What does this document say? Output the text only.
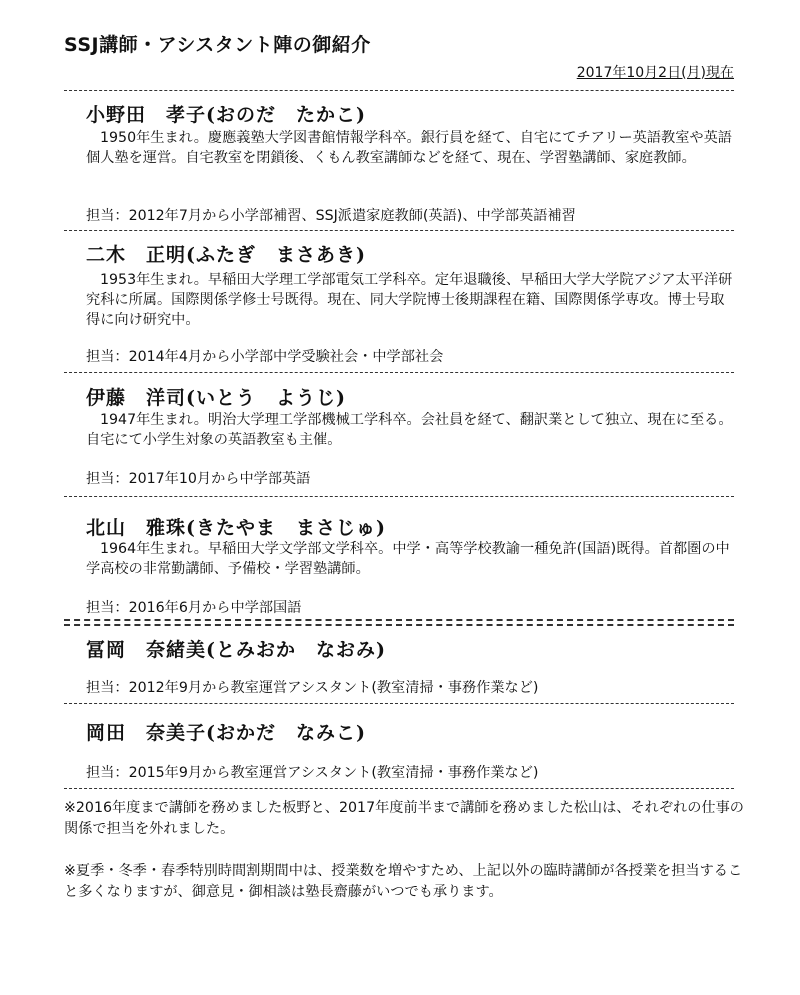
SSJ講師・アシスタント陣の御紹介
2017年10月2日(月)現在
小野田　孝子(おのだ　たかこ)

1950年生まれ。慶應義塾大学図書館情報学科卒。銀行員を経て、自宅にてチアリー英語教室や英語個人塾を運営。自宅教室を閉鎖後、くもん教室講師などを経て、現在、学習塾講師、家庭教師。

担当：2012年7月から小学部補習、SSJ派遣家庭教師(英語)、中学部英語補習
二木　正明(ふたぎ　まさあき)

1953年生まれ。早稲田大学理工学部電気工学科卒。定年退職後、早稲田大学大学院アジア太平洋研究科に所属。国際関係学修士号既得。現在、同大学院博士後期課程在籍、国際関係学専攻。博士号取得に向け研究中。

担当：2014年4月から小学部中学受験社会・中学部社会
伊藤　洋司(いとう　ようじ)

1947年生まれ。明治大学理工学部機械工学科卒。会社員を経て、翻訳業として独立、現在に至る。自宅にて小学生対象の英語教室も主催。

担当：2017年10月から中学部英語
北山　雅珠(きたやま　まさじゅ)

1964年生まれ。早稲田大学文学部文学科卒。中学・高等学校教諭一種免許(国語)既得。首都圏の中学高校の非常勤講師、予備校・学習塾講師。

担当：2016年6月から中学部国語
冨岡　奈緒美(とみおか　なおみ)
担当：2012年9月から教室運営アシスタント(教室清掃・事務作業など)
岡田　奈美子(おかだ　なみこ)
担当：2015年9月から教室運営アシスタント(教室清掃・事務作業など)

※2016年度まで講師を務めました板野と、2017年度前半まで講師を務めました松山は、それぞれの仕事の関係で担当を外れました。

※夏季・冬季・春季特別時間割期間中は、授業数を増やすため、上記以外の臨時講師が各授業を担当すること多くなりますが、御意見・御相談は塾長齋藤がいつでも承ります。
